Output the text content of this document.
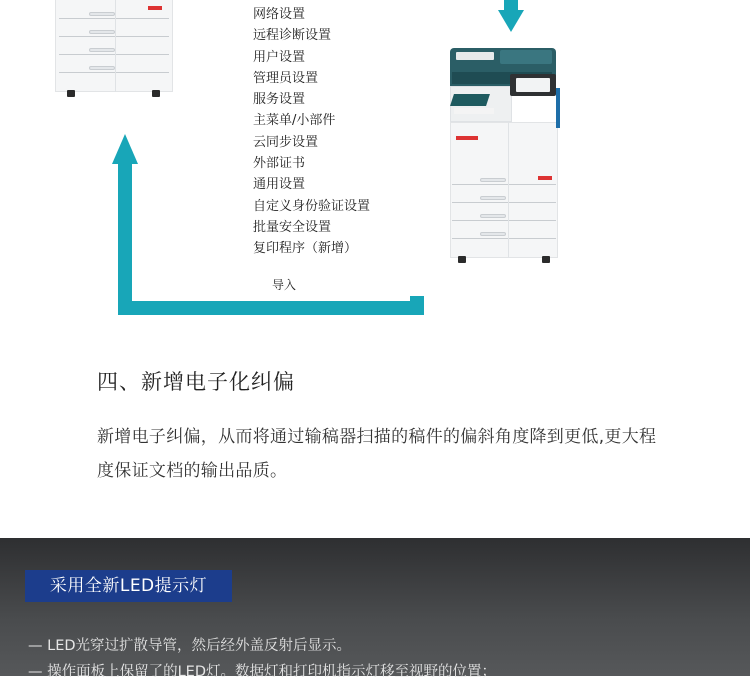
网络设置
远程诊断设置
用户设置
管理员设置
服务设置
主菜单/小部件
云同步设置
外部证书
通用设置
自定义身份验证设置
批量安全设置
复印程序（新增）
导入
四、新增电子化纠偏

新增电子纠偏，从而将通过输稿器扫描的稿件的偏斜角度降到更低,更大程度保证文档的输出品质。

采用全新LED提示灯
— LED光穿过扩散导管，然后经外盖反射后显示。
— 操作面板上保留了的LED灯。数据灯和打印机指示灯移至视野的位置；
